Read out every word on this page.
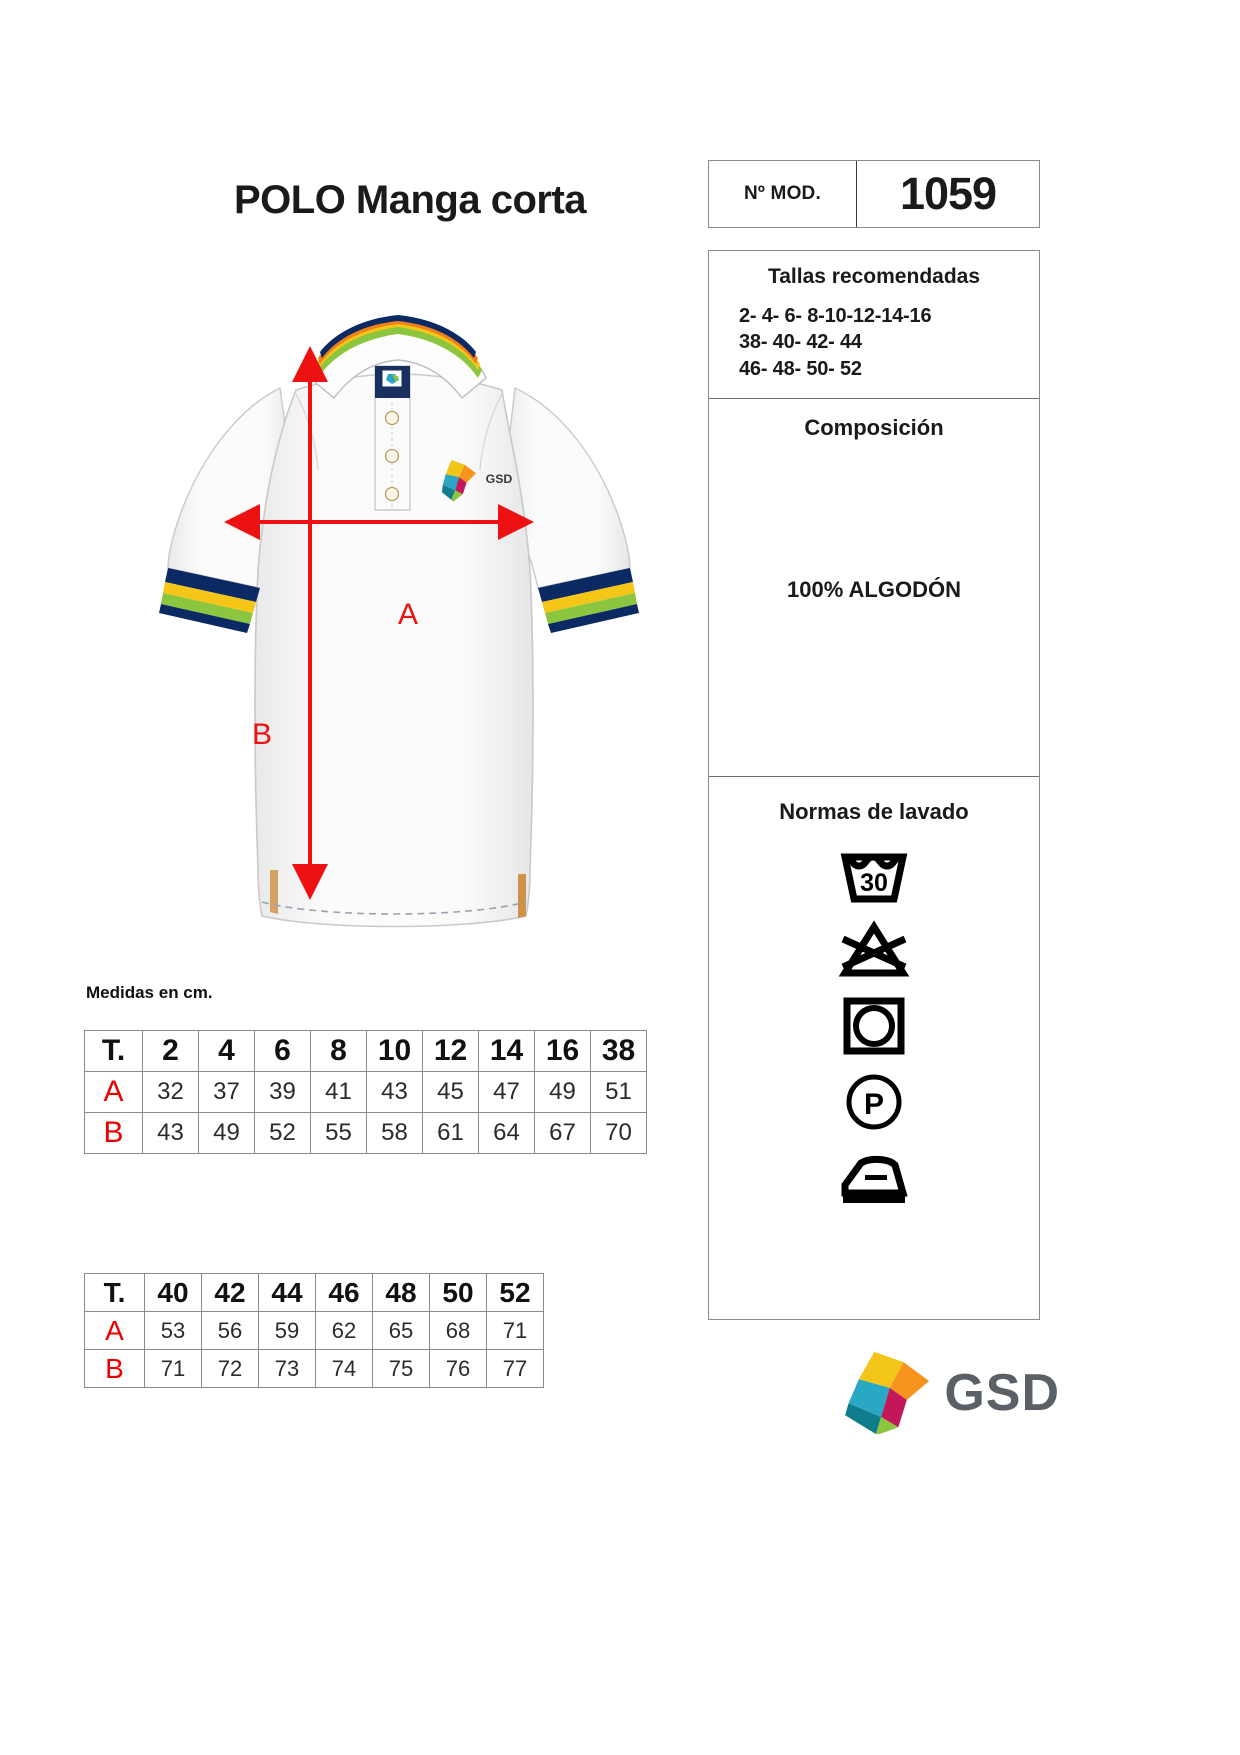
POLO Manga corta
GSD
A
B
Medidas en cm.
T.	2	4	6	8	10	12	14	16	38
A	32	37	39	41	43	45	47	49	51
B	43	49	52	55	58	61	64	67	70
T.	40	42	44	46	48	50	52
A	53	56	59	62	65	68	71
B	71	72	73	74	75	76	77
Nº MOD.	1059
Tallas recomendadas
2- 4- 6- 8-10-12-14-16
38- 40- 42- 44
46- 48- 50- 52
Composición
100% ALGODÓN
Normas de lavado
30
P
GSD
